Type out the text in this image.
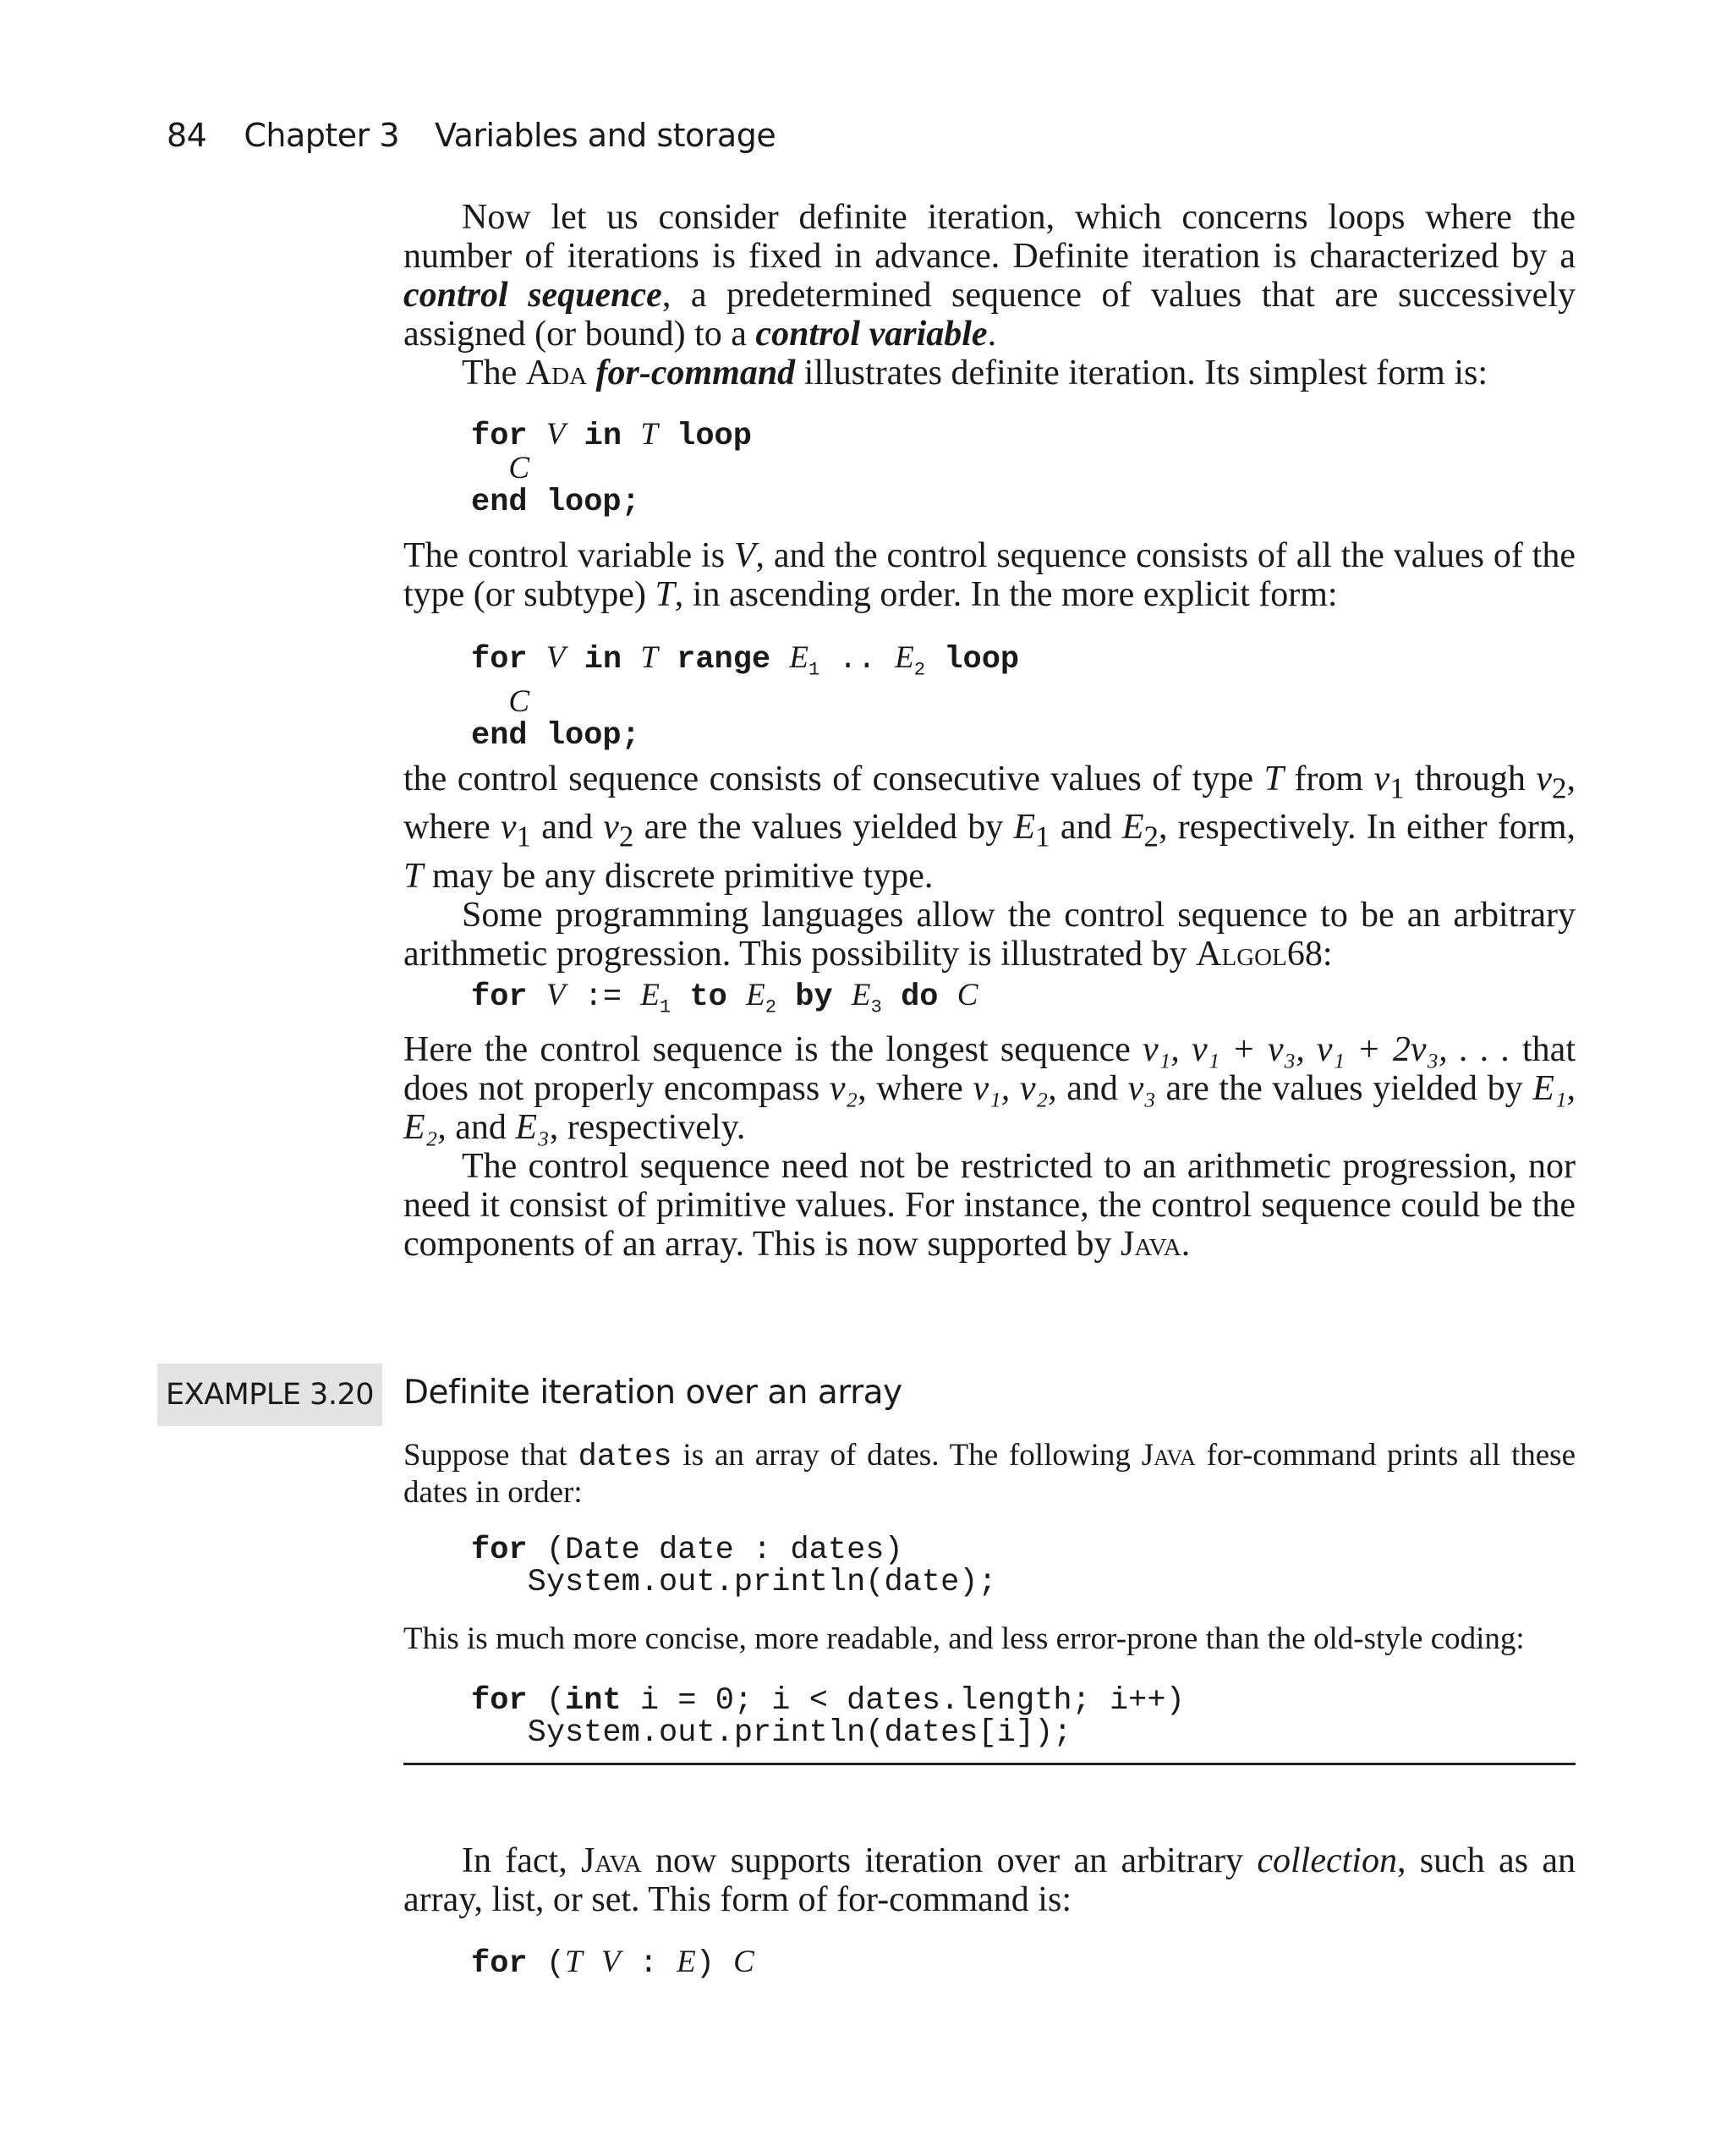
84 Chapter 3 Variables and storage

Now let us consider definite iteration, which concerns loops where the number of iterations is fixed in advance. Definite iteration is characterized by a control sequence, a predetermined sequence of values that are successively assigned (or bound) to a control variable.

The Ada for-command illustrates definite iteration. Its simplest form is:

for V in T loop
C
end loop;

The control variable is V, and the control sequence consists of all the values of the type (or subtype) T, in ascending order. In the more explicit form:

for V in T range $E_1$ .. $E_2$ loop
C
end loop;

the control sequence consists of consecutive values of type T from $v_1$ through $v_2$, where $v_1$ and $v_2$ are the values yielded by $E_1$ and $E_2$, respectively. In either form, T may be any discrete primitive type.

Some programming languages allow the control sequence to be an arbitrary arithmetic progression. This possibility is illustrated by Algol68:

for V := $E_1$ to $E_2$ by $E_3$ do C

Here the control sequence is the longest sequence v₁, v₁ + v₃, v₁ + 2v₃, . . . that does not properly encompass v₂, where v₁, v₂, and v₃ are the values yielded by E₁, E₂, and E₃, respectively.

The control sequence need not be restricted to an arithmetic progression, nor need it consist of primitive values. For instance, the control sequence could be the components of an array. This is now supported by Java.

EXAMPLE 3.20 Definite iteration over an array

Suppose that dates is an array of dates. The following Java for-command prints all these dates in order:

for (Date date : dates)
System.out.println(date);

This is much more concise, more readable, and less error-prone than the old-style coding:

for (int i = 0; i < dates.length; i++)
System.out.println(dates[i]);

In fact, Java now supports iteration over an arbitrary collection, such as an array, list, or set. This form of for-command is:

for (T V : E) C
